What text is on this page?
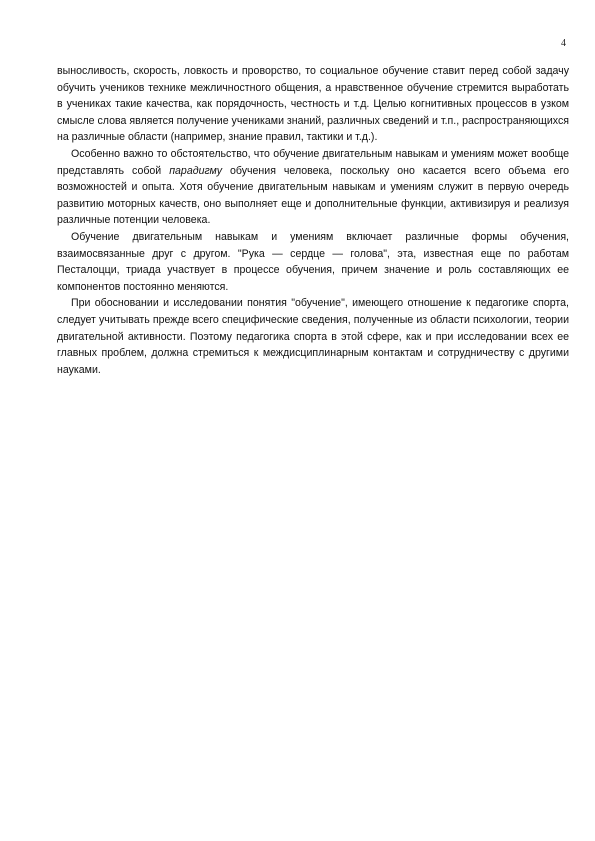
4

выносливость, скорость, ловкость и проворство, то социальное обучение ставит перед собой задачу обучить учеников технике межличностного общения, а нравственное обучение стремится выработать в учениках такие качества, как порядочность, честность и т.д. Целью когнитивных процессов в узком смысле слова является получение учениками знаний, различных сведений и т.п., распространяющихся на различные области (например, знание правил, тактики и т.д.).

Особенно важно то обстоятельство, что обучение двигательным навыкам и умениям может вообще представлять собой парадигму обучения человека, поскольку оно касается всего объема его возможностей и опыта. Хотя обучение двигательным навыкам и умениям служит в первую очередь развитию моторных качеств, оно выполняет еще и дополнительные функции, активизируя и реализуя различные потенции человека.

Обучение двигательным навыкам и умениям включает различные формы обучения, взаимосвязанные друг с другом. "Рука — сердце — голова", эта, известная еще по работам Песталоцци, триада участвует в процессе обучения, причем значение и роль составляющих ее компонентов постоянно меняются.

При обосновании и исследовании понятия "обучение", имеющего отношение к педагогике спорта, следует учитывать прежде всего специфические сведения, полученные из области психологии, теории двигательной активности. Поэтому педагогика спорта в этой сфере, как и при исследовании всех ее главных проблем, должна стремиться к междисциплинарным контактам и сотрудничеству с другими науками.
